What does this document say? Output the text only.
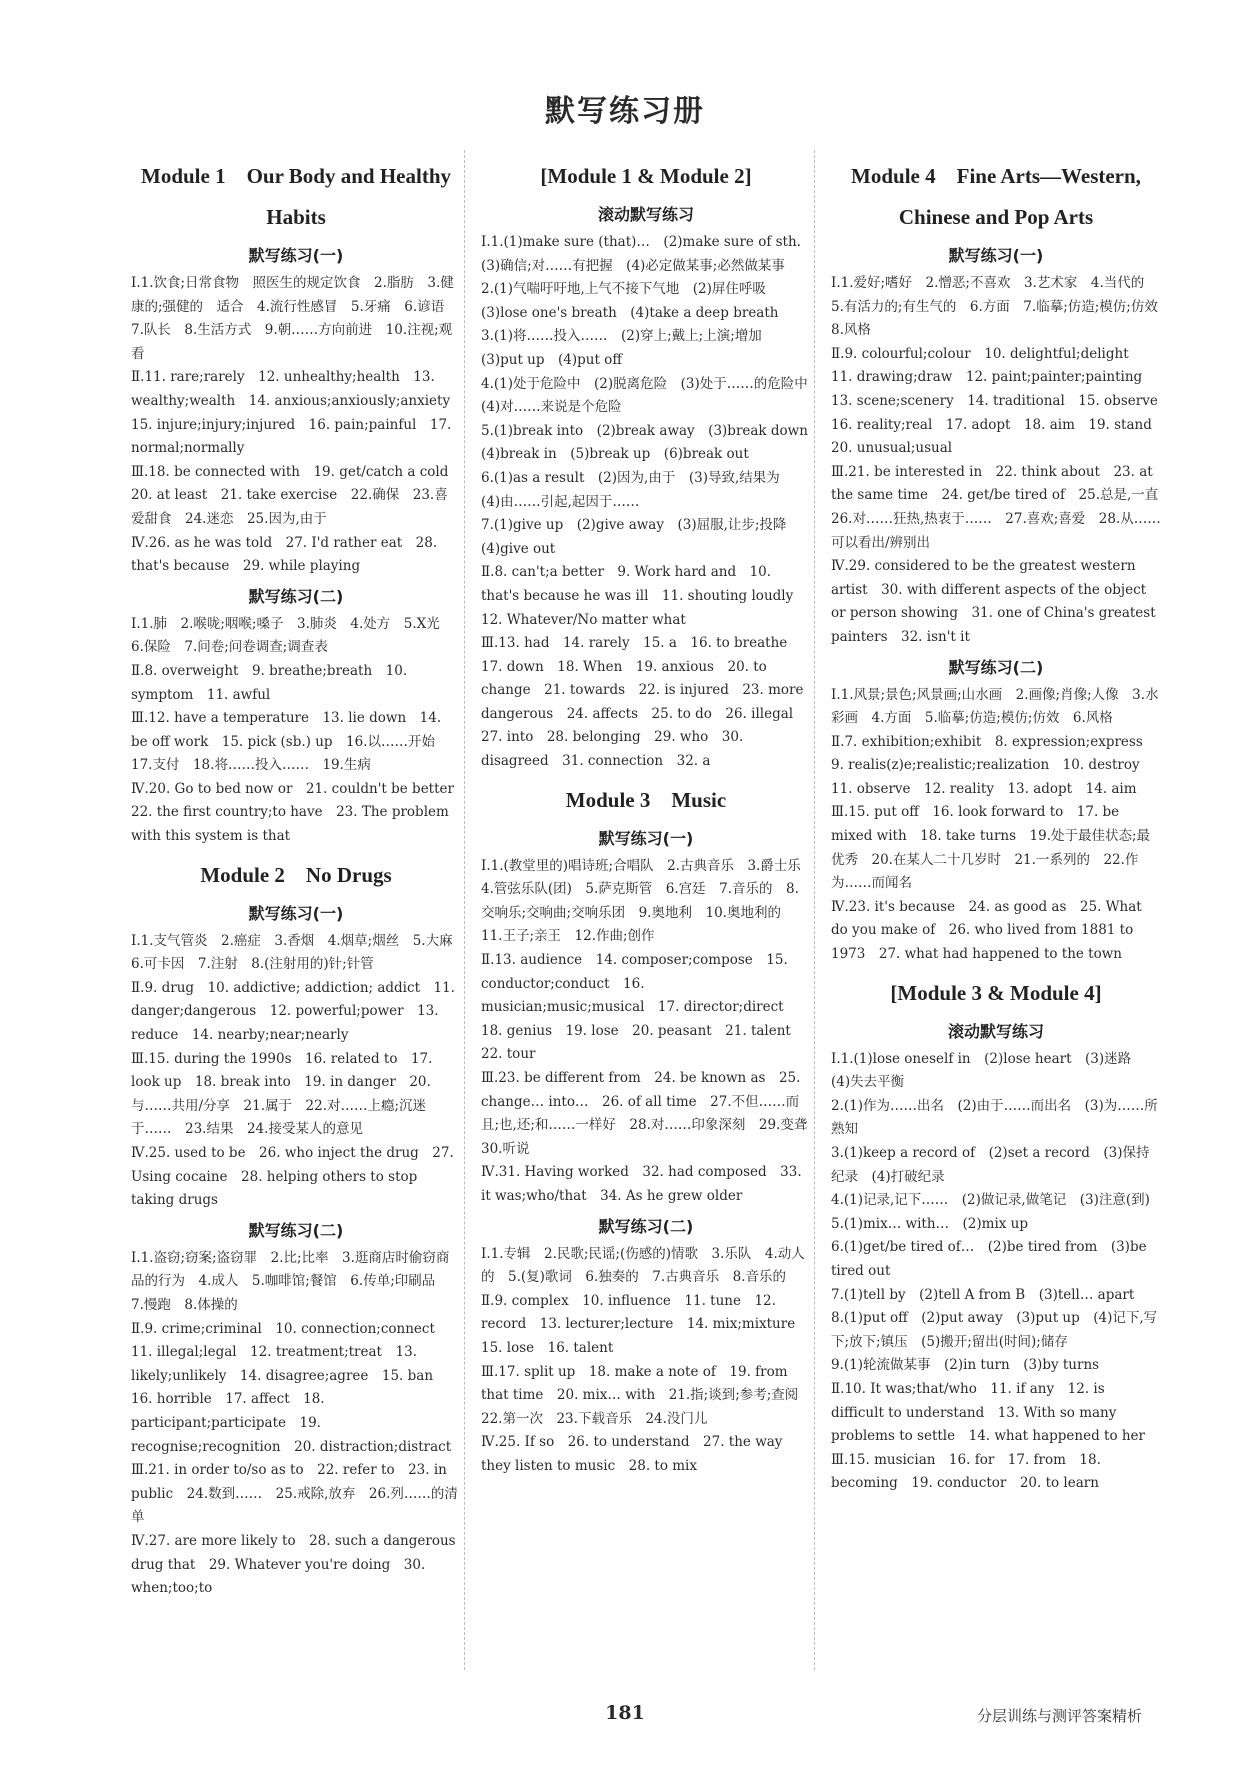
默写练习册
Module 1　Our Body and Healthy Habits
默写练习(一)
Ⅰ.1.饮食;日常食物　照医生的规定饮食　2.脂肪　3.健康的;强健的　适合　4.流行性感冒　5.牙痛　6.谚语　7.队长　8.生活方式　9.朝……方向前进　10.注视;观看
Ⅱ.11. rare;rarely　12. unhealthy;health　13. wealthy;wealth　14. anxious;anxiously;anxiety　15. injure;injury;injured　16. pain;painful　17. normal;normally
Ⅲ.18. be connected with　19. get/catch a cold　20. at least　21. take exercise　22.确保　23.喜爱甜食　24.迷恋　25.因为,由于
Ⅳ.26. as he was told　27. I'd rather eat　28. that's because　29. while playing
默写练习(二)
Ⅰ.1.肺　2.喉咙;咽喉;嗓子　3.肺炎　4.处方　5.X光　6.保险　7.问卷;问卷调查;调查表
Ⅱ.8. overweight　9. breathe;breath　10. symptom　11. awful
Ⅲ.12. have a temperature　13. lie down　14. be off work　15. pick (sb.) up　16.以……开始　17.支付　18.将……投入……　19.生病
Ⅳ.20. Go to bed now or　21. couldn't be better　22. the first country;to have　23. The problem with this system is that
Module 2　No Drugs
默写练习(一)
Ⅰ.1.支气管炎　2.癌症　3.香烟　4.烟草;烟丝　5.大麻　6.可卡因　7.注射　8.(注射用的)针;针管
Ⅱ.9. drug　10. addictive; addiction; addict　11. danger;dangerous　12. powerful;power　13. reduce　14. nearby;near;nearly
Ⅲ.15. during the 1990s　16. related to　17. look up　18. break into　19. in danger　20.与……共用/分享　21.属于　22.对……上瘾;沉迷于……　23.结果　24.接受某人的意见
Ⅳ.25. used to be　26. who inject the drug　27. Using cocaine　28. helping others to stop taking drugs
默写练习(二)
Ⅰ.1.盗窃;窃案;盗窃罪　2.比;比率　3.逛商店时偷窃商品的行为　4.成人　5.咖啡馆;餐馆　6.传单;印刷品　7.慢跑　8.体操的
Ⅱ.9. crime;criminal　10. connection;connect　11. illegal;legal　12. treatment;treat　13. likely;unlikely　14. disagree;agree　15. ban　16. horrible　17. affect　18. participant;participate　19. recognise;recognition　20. distraction;distract
Ⅲ.21. in order to/so as to　22. refer to　23. in public　24.数到……　25.戒除,放弃　26.列……的清单
Ⅳ.27. are more likely to　28. such a dangerous drug that　29. Whatever you're doing　30. when;too;to
[Module 1 & Module 2]
滚动默写练习
Ⅰ.1.(1)make sure (that)…　(2)make sure of sth.　(3)确信;对……有把握　(4)必定做某事;必然做某事
2.(1)气喘吁吁地,上气不接下气地　(2)屏住呼吸　(3)lose one's breath　(4)take a deep breath
3.(1)将……投入……　(2)穿上;戴上;上演;增加　(3)put up　(4)put off
4.(1)处于危险中　(2)脱离危险　(3)处于……的危险中　(4)对……来说是个危险
5.(1)break into　(2)break away　(3)break down　(4)break in　(5)break up　(6)break out
6.(1)as a result　(2)因为,由于　(3)导致,结果为　(4)由……引起,起因于……
7.(1)give up　(2)give away　(3)屈服,让步;投降　(4)give out
Ⅱ.8. can't;a better　9. Work hard and　10. that's because he was ill　11. shouting loudly　12. Whatever/No matter what
Ⅲ.13. had　14. rarely　15. a　16. to breathe　17. down　18. When　19. anxious　20. to change　21. towards　22. is injured　23. more dangerous　24. affects　25. to do　26. illegal　27. into　28. belonging　29. who　30. disagreed　31. connection　32. a
Module 3　Music
默写练习(一)
Ⅰ.1.(教堂里的)唱诗班;合唱队　2.古典音乐　3.爵士乐　4.管弦乐队(团)　5.萨克斯管　6.宫廷　7.音乐的　8.交响乐;交响曲;交响乐团　9.奥地利　10.奥地利的　11.王子;亲王　12.作曲;创作
Ⅱ.13. audience　14. composer;compose　15. conductor;conduct　16. musician;music;musical　17. director;direct　18. genius　19. lose　20. peasant　21. talent　22. tour
Ⅲ.23. be different from　24. be known as　25. change… into…　26. of all time　27.不但……而且;也,还;和……一样好　28.对……印象深刻　29.变聋　30.听说
Ⅳ.31. Having worked　32. had composed　33. it was;who/that　34. As he grew older
默写练习(二)
Ⅰ.1.专辑　2.民歌;民谣;(伤感的)情歌　3.乐队　4.动人的　5.(复)歌词　6.独奏的　7.古典音乐　8.音乐的
Ⅱ.9. complex　10. influence　11. tune　12. record　13. lecturer;lecture　14. mix;mixture　15. lose　16. talent
Ⅲ.17. split up　18. make a note of　19. from that time　20. mix… with　21.指;谈到;参考;查阅　22.第一次　23.下载音乐　24.没门儿
Ⅳ.25. If so　26. to understand　27. the way they listen to music　28. to mix
Module 4　Fine Arts—Western, Chinese and Pop Arts
默写练习(一)
Ⅰ.1.爱好;嗜好　2.憎恶;不喜欢　3.艺术家　4.当代的　5.有活力的;有生气的　6.方面　7.临摹;仿造;模仿;仿效　8.风格
Ⅱ.9. colourful;colour　10. delightful;delight　11. drawing;draw　12. paint;painter;painting　13. scene;scenery　14. traditional　15. observe　16. reality;real　17. adopt　18. aim　19. stand　20. unusual;usual
Ⅲ.21. be interested in　22. think about　23. at the same time　24. get/be tired of　25.总是,一直　26.对……狂热,热衷于……　27.喜欢;喜爱　28.从……可以看出/辨别出
Ⅳ.29. considered to be the greatest western artist　30. with different aspects of the object or person showing　31. one of China's greatest painters　32. isn't it
默写练习(二)
Ⅰ.1.风景;景色;风景画;山水画　2.画像;肖像;人像　3.水彩画　4.方面　5.临摹;仿造;模仿;仿效　6.风格
Ⅱ.7. exhibition;exhibit　8. expression;express　9. realis(z)e;realistic;realization　10. destroy　11. observe　12. reality　13. adopt　14. aim
Ⅲ.15. put off　16. look forward to　17. be mixed with　18. take turns　19.处于最佳状态;最优秀　20.在某人二十几岁时　21.一系列的　22.作为……而闻名
Ⅳ.23. it's because　24. as good as　25. What do you make of　26. who lived from 1881 to 1973　27. what had happened to the town
[Module 3 & Module 4]
滚动默写练习
Ⅰ.1.(1)lose oneself in　(2)lose heart　(3)迷路　(4)失去平衡
2.(1)作为……出名　(2)由于……而出名　(3)为……所熟知
3.(1)keep a record of　(2)set a record　(3)保持纪录　(4)打破纪录
4.(1)记录,记下……　(2)做记录,做笔记　(3)注意(到)
5.(1)mix… with…　(2)mix up
6.(1)get/be tired of…　(2)be tired from　(3)be tired out
7.(1)tell by　(2)tell A from B　(3)tell… apart
8.(1)put off　(2)put away　(3)put up　(4)记下,写下;放下;镇压　(5)搬开;留出(时间);储存
9.(1)轮流做某事　(2)in turn　(3)by turns
Ⅱ.10. It was;that/who　11. if any　12. is difficult to understand　13. With so many problems to settle　14. what happened to her
Ⅲ.15. musician　16. for　17. from　18. becoming　19. conductor　20. to learn
181	分层训练与测评答案精析
